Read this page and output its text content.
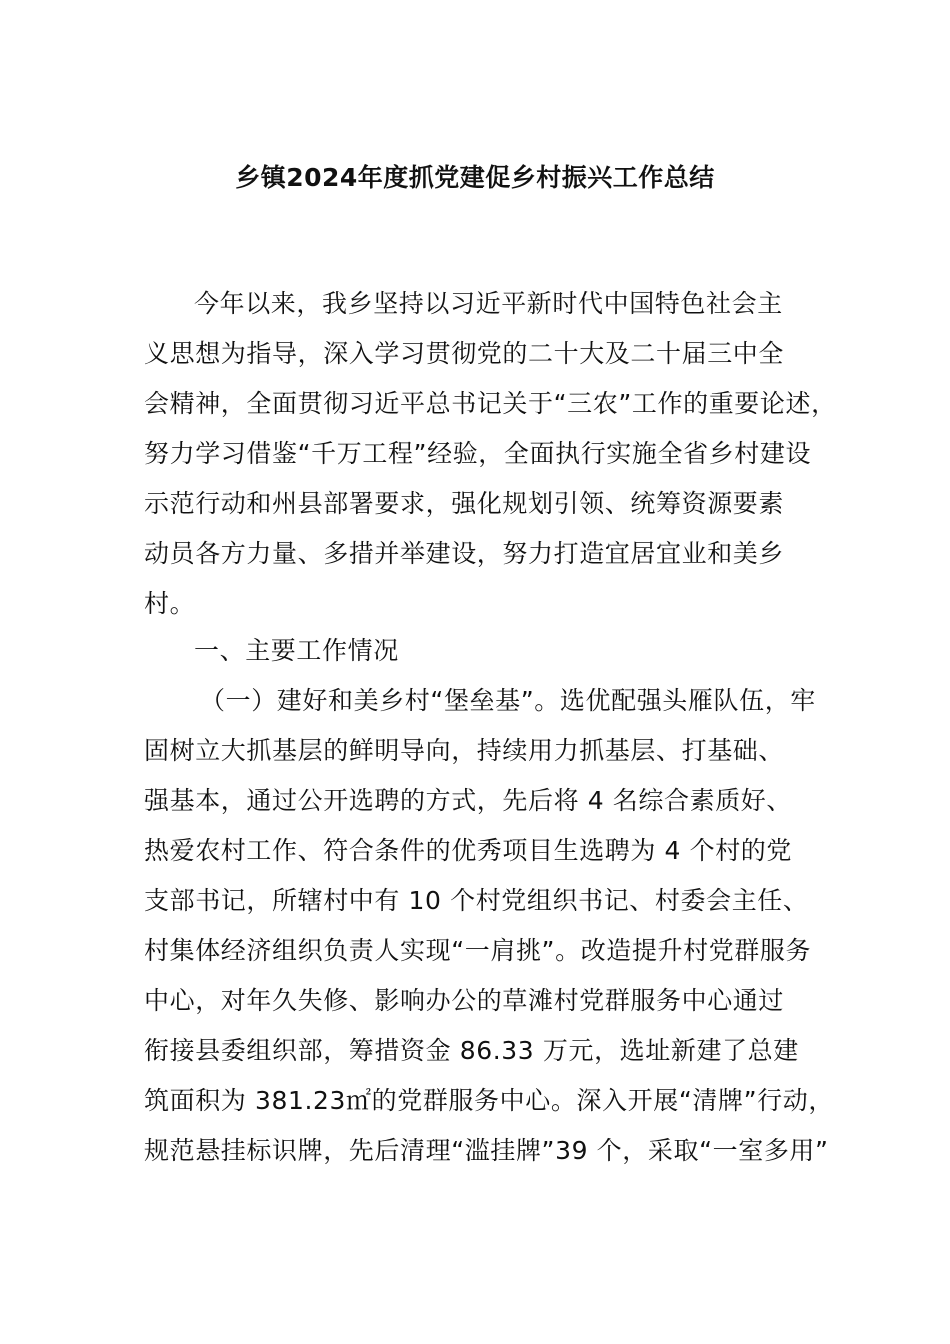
乡镇2024年度抓党建促乡村振兴工作总结
今年以来，我乡坚持以习近平新时代中国特色社会主
义思想为指导，深入学习贯彻党的二十大及二十届三中全
会精神，全面贯彻习近平总书记关于“三农”工作的重要论述，
努力学习借鉴“千万工程”经验，全面执行实施全省乡村建设
示范行动和州县部署要求，强化规划引领、统筹资源要素
动员各方力量、多措并举建设，努力打造宜居宜业和美乡
村。
一、主要工作情况
（一）建好和美乡村“堡垒基”。选优配强头雁队伍，牢
固树立大抓基层的鲜明导向，持续用力抓基层、打基础、
强基本，通过公开选聘的方式，先后将 4 名综合素质好、
热爱农村工作、符合条件的优秀项目生选聘为 4 个村的党
支部书记，所辖村中有 10 个村党组织书记、村委会主任、
村集体经济组织负责人实现“一肩挑”。改造提升村党群服务
中心，对年久失修、影响办公的草滩村党群服务中心通过
衔接县委组织部，筹措资金 86.33 万元，选址新建了总建
筑面积为 381.23㎡的党群服务中心。深入开展“清牌”行动，
规范悬挂标识牌，先后清理“滥挂牌”39 个，采取“一室多用”
